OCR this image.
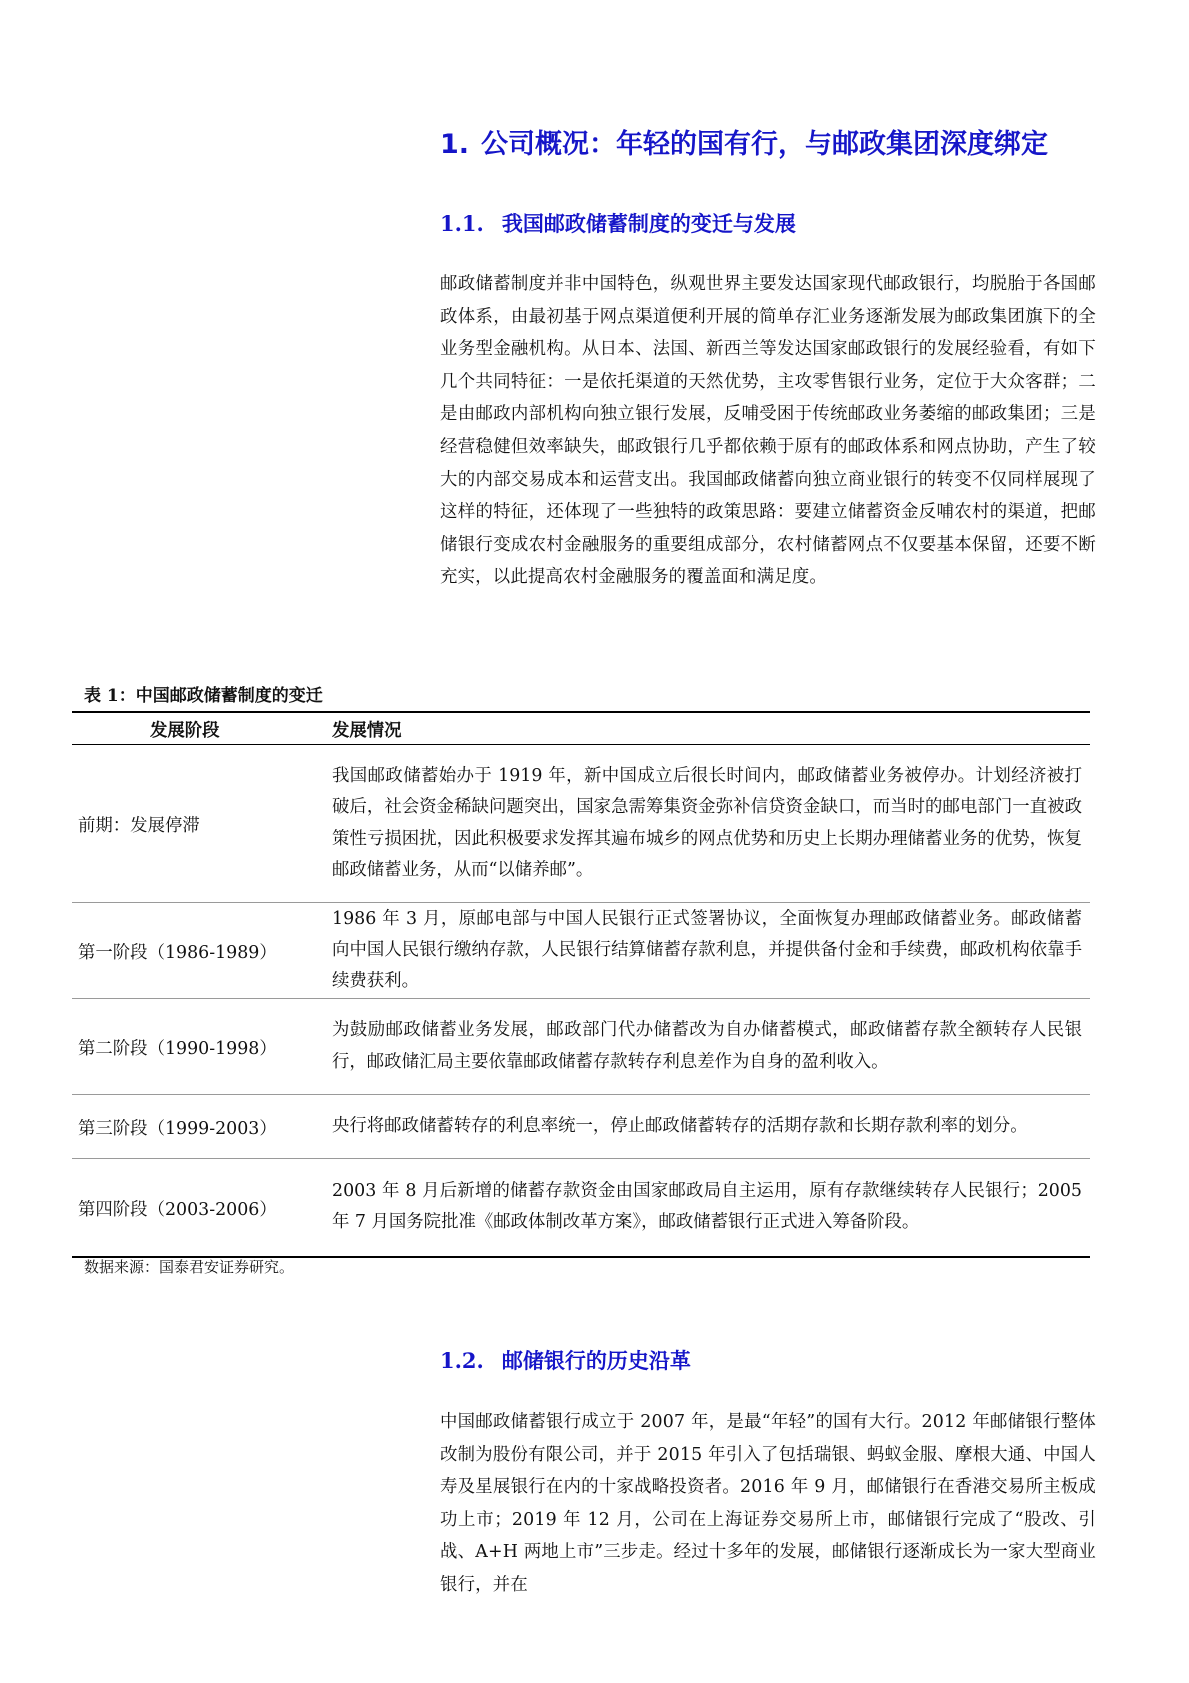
1. 公司概况：年轻的国有行，与邮政集团深度绑定
1.1. 我国邮政储蓄制度的变迁与发展
邮政储蓄制度并非中国特色，纵观世界主要发达国家现代邮政银行，均脱胎于各国邮政体系，由最初基于网点渠道便利开展的简单存汇业务逐渐发展为邮政集团旗下的全业务型金融机构。从日本、法国、新西兰等发达国家邮政银行的发展经验看，有如下几个共同特征：一是依托渠道的天然优势，主攻零售银行业务，定位于大众客群；二是由邮政内部机构向独立银行发展，反哺受困于传统邮政业务萎缩的邮政集团；三是经营稳健但效率缺失，邮政银行几乎都依赖于原有的邮政体系和网点协助，产生了较大的内部交易成本和运营支出。我国邮政储蓄向独立商业银行的转变不仅同样展现了这样的特征，还体现了一些独特的政策思路：要建立储蓄资金反哺农村的渠道，把邮储银行变成农村金融服务的重要组成部分，农村储蓄网点不仅要基本保留，还要不断充实，以此提高农村金融服务的覆盖面和满足度。
表 1：中国邮政储蓄制度的变迁
发展阶段	发展情况
前期：发展停滞	我国邮政储蓄始办于 1919 年，新中国成立后很长时间内，邮政储蓄业务被停办。计划经济被打破后，社会资金稀缺问题突出，国家急需筹集资金弥补信贷资金缺口，而当时的邮电部门一直被政策性亏损困扰，因此积极要求发挥其遍布城乡的网点优势和历史上长期办理储蓄业务的优势，恢复邮政储蓄业务，从而“以储养邮”。
第一阶段（1986-1989）	1986 年 3 月，原邮电部与中国人民银行正式签署协议，全面恢复办理邮政储蓄业务。邮政储蓄向中国人民银行缴纳存款，人民银行结算储蓄存款利息，并提供备付金和手续费，邮政机构依靠手续费获利。
第二阶段（1990-1998）	为鼓励邮政储蓄业务发展，邮政部门代办储蓄改为自办储蓄模式，邮政储蓄存款全额转存人民银行，邮政储汇局主要依靠邮政储蓄存款转存利息差作为自身的盈利收入。
第三阶段（1999-2003）	央行将邮政储蓄转存的利息率统一，停止邮政储蓄转存的活期存款和长期存款利率的划分。
第四阶段（2003-2006）	2003 年 8 月后新增的储蓄存款资金由国家邮政局自主运用，原有存款继续转存人民银行；2005 年 7 月国务院批准《邮政体制改革方案》，邮政储蓄银行正式进入筹备阶段。
数据来源：国泰君安证券研究。
1.2. 邮储银行的历史沿革
中国邮政储蓄银行成立于 2007 年，是最“年轻”的国有大行。2012 年邮储银行整体改制为股份有限公司，并于 2015 年引入了包括瑞银、蚂蚁金服、摩根大通、中国人寿及星展银行在内的十家战略投资者。2016 年 9 月，邮储银行在香港交易所主板成功上市；2019 年 12 月，公司在上海证券交易所上市，邮储银行完成了“股改、引战、A+H 两地上市”三步走。经过十多年的发展，邮储银行逐渐成长为一家大型商业银行，并在
